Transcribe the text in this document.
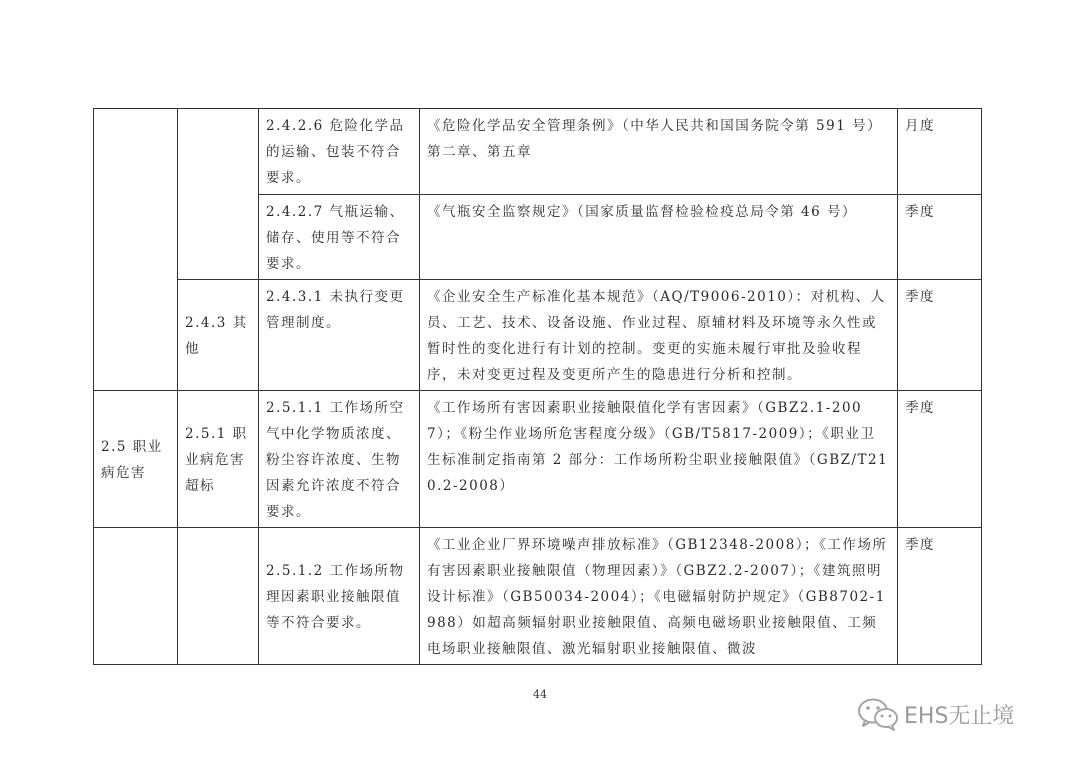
		2.4.2.6 危险化学品的运输、包装不符合要求。	《危险化学品安全管理条例》（中华人民共和国国务院令第 591 号）第二章、第五章	月度

		2.4.2.7 气瓶运输、储存、使用等不符合要求。	《气瓶安全监察规定》（国家质量监督检验检疫总局令第 46 号）	季度

	2.4.3 其他	2.4.3.1 未执行变更管理制度。	《企业安全生产标准化基本规范》（AQ/T9006-2010）：对机构、人员、工艺、技术、设备设施、作业过程、原辅材料及环境等永久性或暂时性的变化进行有计划的控制。变更的实施未履行审批及验收程序，未对变更过程及变更所产生的隐患进行分析和控制。	季度

2.5 职业病危害	2.5.1 职业病危害超标	2.5.1.1 工作场所空气中化学物质浓度、粉尘容许浓度、生物因素允许浓度不符合要求。	《工作场所有害因素职业接触限值化学有害因素》（GBZ2.1-2007）；《粉尘作业场所危害程度分级》（GB/T5817-2009）；《职业卫生标准制定指南第 2 部分：工作场所粉尘职业接触限值》（GBZ/T210.2-2008）	季度

		2.5.1.2 工作场所物理因素职业接触限值等不符合要求。	《工业企业厂界环境噪声排放标准》（GB12348-2008）；《工作场所有害因素职业接触限值（物理因素）》（GBZ2.2-2007）；《建筑照明设计标准》（GB50034-2004）；《电磁辐射防护规定》（GB8702-1988）如超高频辐射职业接触限值、高频电磁场职业接触限值、工频电场职业接触限值、激光辐射职业接触限值、微波	季度
44
EHS无止境
